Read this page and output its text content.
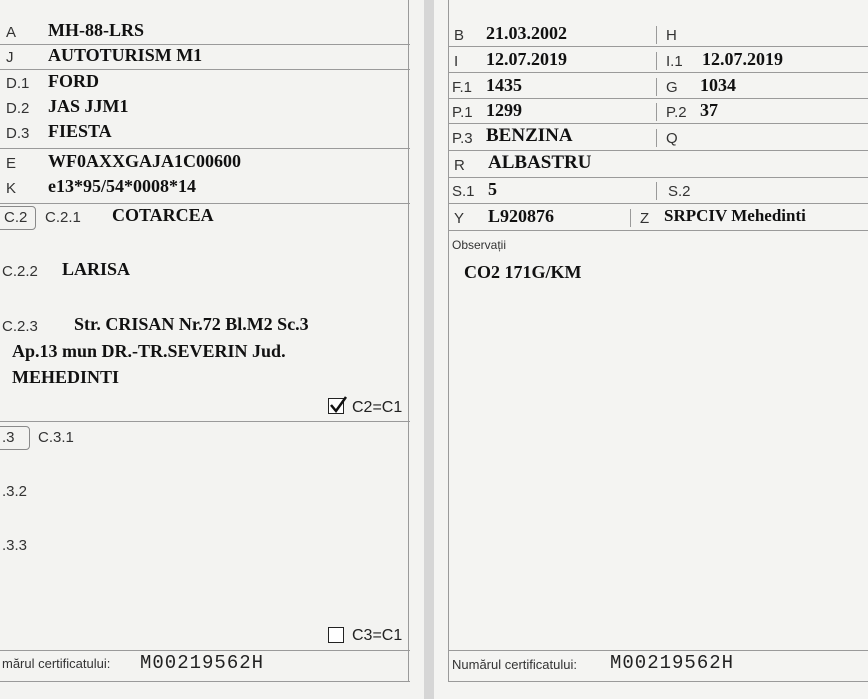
A MH-88-LRS
J AUTOTURISM M1
D.1 FORD
D.2 JAS JJM1
D.3 FIESTA
E WF0AXXGAJA1C00600
K e13*95/54*0008*14
C.2 C.2.1 COTARCEA
C.2.2 LARISA
C.2.3 Str. CRISAN Nr.72 Bl.M2 Sc.3
Ap.13 mun DR.-TR.SEVERIN Jud.
MEHEDINTI
C2=C1
.3 C.3.1
.3.2
.3.3
C3=C1
mărul certificatului: M00219562H
B 21.03.2002	H
I 12.07.2019	I.1 12.07.2019
F.1 1435	G 1034
P.1 1299	P.2 37
P.3 BENZINA	Q
R ALBASTRU
S.1 5	S.2
Y L920876	Z SRPCIV Mehedinti
Observații
CO2 171G/KM
Numărul certificatului: M00219562H
